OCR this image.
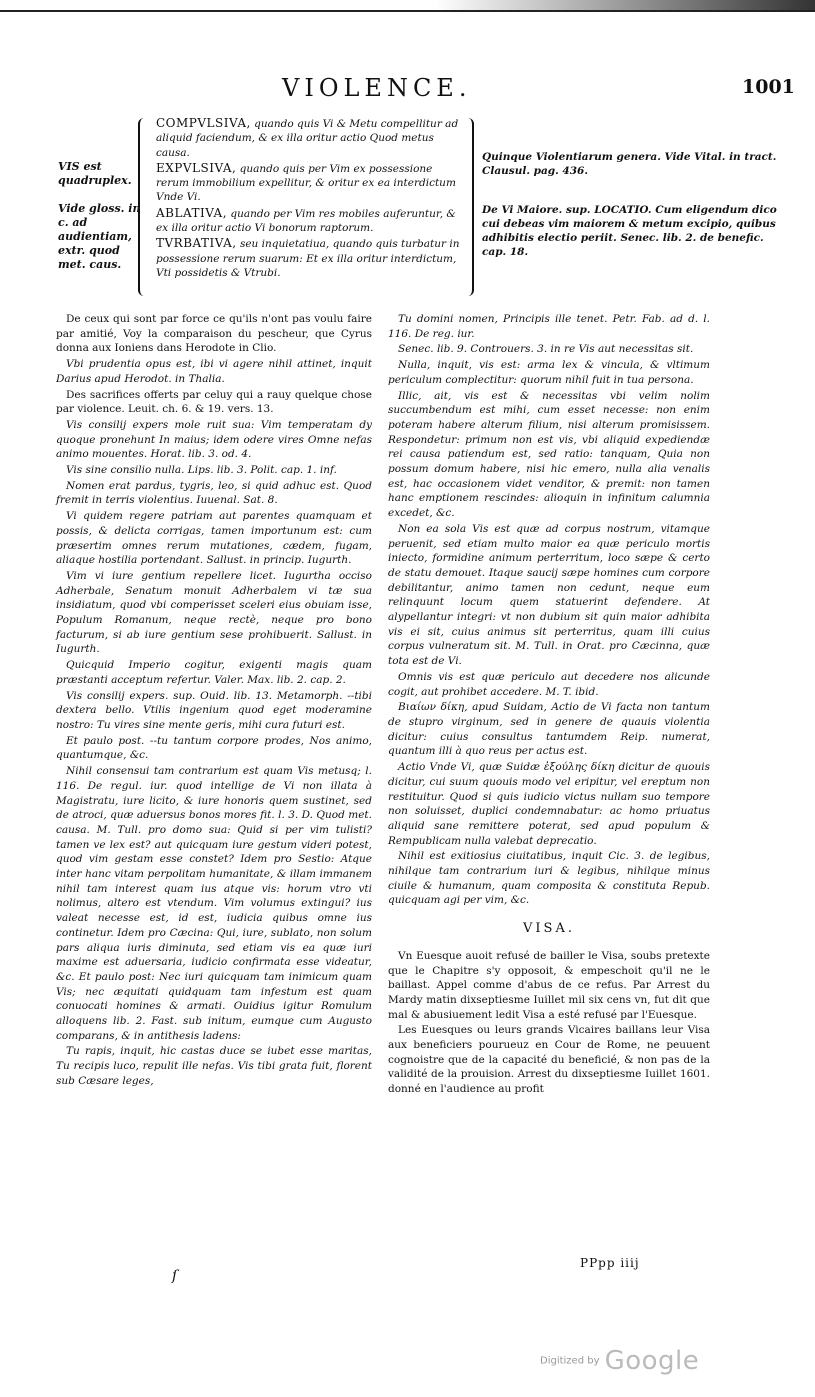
VIOLENCE.	1001
VIS est quadruplex.
Vide gloss. in c. ad audientiam, extr. quod met. caus.
COMPVLSIVA, quando quis Vi & Metu compellitur ad aliquid faciendum, & ex illa oritur actio Quod metus causa.
EXPVLSIVA, quando quis per Vim ex possessione rerum immobilium expellitur, & oritur ex ea interdictum Vnde Vi.
ABLATIVA, quando per Vim res mobiles auferuntur, & ex illa oritur actio Vi bonorum raptorum.
TVRBATIVA, seu inquietatiua, quando quis turbatur in possessione rerum suarum: Et ex illa oritur interdictum, Vti possidetis & Vtrubi.
Quinque Violentiarum genera. Vide Vital. in tract. Clausul. pag. 436.
De Vi Maiore. sup. LOCATIO. Cum eligendum dico cui debeas vim maiorem & metum excipio, quibus adhibitis electio periit. Senec. lib. 2. de benefic. cap. 18.

De ceux qui sont par force ce qu'ils n'ont pas voulu faire par amitié, Voy la comparaison du pescheur, que Cyrus donna aux Ioniens dans Herodote in Clio.

Vbi prudentia opus est, ibi vi agere nihil attinet, inquit Darius apud Herodot. in Thalia.

Des sacrifices offerts par celuy qui a rauy quelque chose par violence. Leuit. ch. 6. & 19. vers. 13.

Vis consilij expers mole ruit sua: Vim temperatam dy quoque pronehunt In maius; idem odere vires Omne nefas animo mouentes. Horat. lib. 3. od. 4.

Vis sine consilio nulla. Lips. lib. 3. Polit. cap. 1. inf.

Nomen erat pardus, tygris, leo, si quid adhuc est. Quod fremit in terris violentius. Iuuenal. Sat. 8.

Vi quidem regere patriam aut parentes quamquam et possis, & delicta corrigas, tamen importunum est: cum præsertim omnes rerum mutationes, cædem, fugam, aliaque hostilia portendant. Sallust. in princip. Iugurth.

Vim vi iure gentium repellere licet. Iugurtha occiso Adherbale, Senatum monuit Adherbalem vi tæ sua insidiatum, quod vbi comperisset sceleri eius obuiam isse, Populum Romanum, neque rectè, neque pro bono facturum, si ab iure gentium sese prohibuerit. Sallust. in Iugurth.

Quicquid Imperio cogitur, exigenti magis quam præstanti acceptum refertur. Valer. Max. lib. 2. cap. 2.

Vis consilij expers. sup. Ouid. lib. 13. Metamorph. --tibi dextera bello. Vtilis ingenium quod eget moderamine nostro: Tu vires sine mente geris, mihi cura futuri est.

Et paulo post. --tu tantum corpore prodes, Nos animo, quantumque, &c.

Nihil consensui tam contrarium est quam Vis metusq; l. 116. De regul. iur. quod intellige de Vi non illata à Magistratu, iure licito, & iure honoris quem sustinet, sed de atroci, quæ aduersus bonos mores fit. l. 3. D. Quod met. causa. M. Tull. pro domo sua: Quid si per vim tulisti? tamen ve lex est? aut quicquam iure gestum videri potest, quod vim gestam esse constet? Idem pro Sestio: Atque inter hanc vitam perpolitam humanitate, & illam immanem nihil tam interest quam ius atque vis: horum vtro vti nolimus, altero est vtendum. Vim volumus extingui? ius valeat necesse est, id est, iudicia quibus omne ius continetur. Idem pro Cæcina: Qui, iure, sublato, non solum pars aliqua iuris diminuta, sed etiam vis ea quæ iuri maxime est aduersaria, iudicio confirmata esse videatur, &c. Et paulo post: Nec iuri quicquam tam inimicum quam Vis; nec æquitati quidquam tam infestum est quam conuocati homines & armati. Ouidius igitur Romulum alloquens lib. 2. Fast. sub initum, eumque cum Augusto comparans, & in antithesis ladens:

Tu rapis, inquit, hic castas duce se iubet esse maritas, Tu recipis luco, repulit ille nefas. Vis tibi grata fuit, florent sub Cæsare leges,

Tu domini nomen, Principis ille tenet. Petr. Fab. ad d. l. 116. De reg. iur.

Senec. lib. 9. Controuers. 3. in re Vis aut necessitas sit.

Nulla, inquit, vis est: arma lex & vincula, & vltimum periculum complectitur: quorum nihil fuit in tua persona.

Illic, ait, vis est & necessitas vbi velim nolim succumbendum est mihi, cum esset necesse: non enim poteram habere alterum filium, nisi alterum promisissem. Respondetur: primum non est vis, vbi aliquid expediendæ rei causa patiendum est, sed ratio: tanquam, Quia non possum domum habere, nisi hic emero, nulla alia venalis est, hac occasionem videt venditor, & premit: non tamen hanc emptionem rescindes: alioquin in infinitum calumnia excedet, &c.

Non ea sola Vis est quæ ad corpus nostrum, vitamque peruenit, sed etiam multo maior ea quæ periculo mortis iniecto, formidine animum perterritum, loco sæpe & certo de statu demouet. Itaque saucij sæpe homines cum corpore debilitantur, animo tamen non cedunt, neque eum relinquunt locum quem statuerint defendere. At alypellantur integri: vt non dubium sit quin maior adhibita vis ei sit, cuius animus sit perterritus, quam illi cuius corpus vulneratum sit. M. Tull. in Orat. pro Cæcinna, quæ tota est de Vi.

Omnis vis est quæ periculo aut decedere nos alicunde cogit, aut prohibet accedere. M. T. ibid.

Βιαίων δίκη, apud Suidam, Actio de Vi facta non tantum de stupro virginum, sed in genere de quauis violentia dicitur: cuius consultus tantumdem Reip. numerat, quantum illi à quo reus per actus est.

Actio Vnde Vi, quæ Suidæ ἐξούλης δίκη dicitur de quouis dicitur, cui suum quouis modo vel eripitur, vel ereptum non restituitur. Quod si quis iudicio victus nullam suo tempore non soluisset, duplici condemnabatur: ac homo priuatus aliquid sane remittere poterat, sed apud populum & Rempublicam nulla valebat deprecatio.

Nihil est exitiosius ciuitatibus, inquit Cic. 3. de legibus, nihilque tam contrarium iuri & legibus, nihilque minus ciuile & humanum, quam composita & constituta Repub. quicquam agi per vim, &c.

VISA.

Vn Euesque auoit refusé de bailler le Visa, soubs pretexte que le Chapitre s'y opposoit, & empeschoit qu'il ne le baillast. Appel comme d'abus de ce refus. Par Arrest du Mardy matin dixseptiesme Iuillet mil six cens vn, fut dit que mal & abusiuement ledit Visa a esté refusé par l'Euesque.

Les Euesques ou leurs grands Vicaires baillans leur Visa aux beneficiers pourueuz en Cour de Rome, ne peuuent cognoistre que de la capacité du beneficié, & non pas de la validité de la prouision. Arrest du dixseptiesme Iuillet 1601. donné en l'audience au profit

ſ
PPpp iiij
Digitized by Google
